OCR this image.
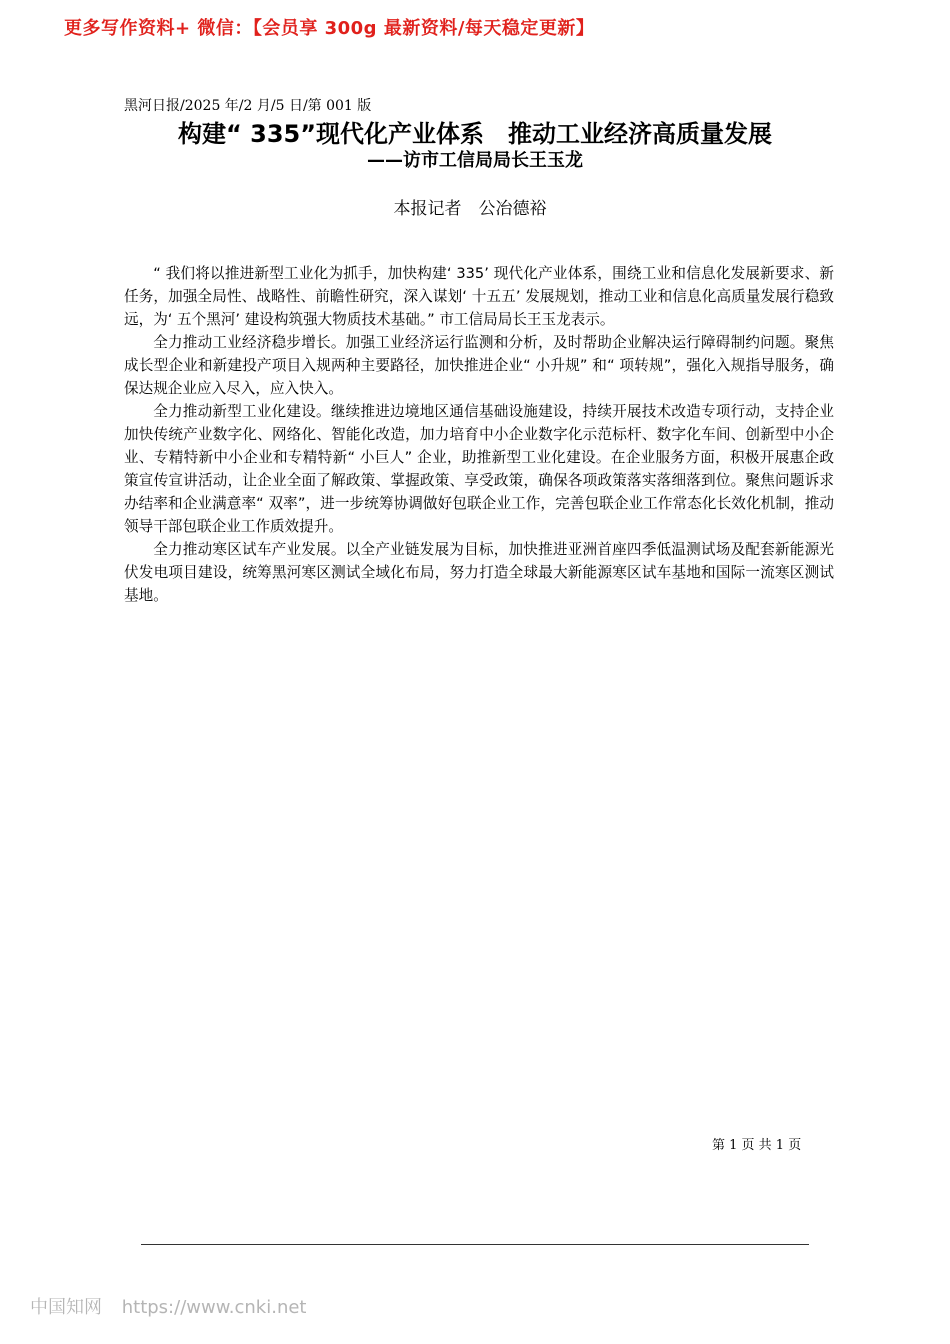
更多写作资料+ 微信：【会员享 300g 最新资料/每天稳定更新】
黑河日报/2025 年/2 月/5 日/第 001 版
构建“ 335”现代化产业体系　推动工业经济高质量发展
——访市工信局局长王玉龙
本报记者　公冶德裕

“ 我们将以推进新型工业化为抓手，加快构建‘ 335’ 现代化产业体系，围绕工业和信息化发展新要求、新任务，加强全局性、战略性、前瞻性研究，深入谋划‘ 十五五’ 发展规划，推动工业和信息化高质量发展行稳致远，为‘ 五个黑河’ 建设构筑强大物质技术基础。” 市工信局局长王玉龙表示。

全力推动工业经济稳步增长。加强工业经济运行监测和分析，及时帮助企业解决运行障碍制约问题。聚焦成长型企业和新建投产项目入规两种主要路径，加快推进企业“ 小升规” 和“ 项转规”，强化入规指导服务，确保达规企业应入尽入，应入快入。

全力推动新型工业化建设。继续推进边境地区通信基础设施建设，持续开展技术改造专项行动，支持企业加快传统产业数字化、网络化、智能化改造，加力培育中小企业数字化示范标杆、数字化车间、创新型中小企业、专精特新中小企业和专精特新“ 小巨人” 企业，助推新型工业化建设。在企业服务方面，积极开展惠企政策宣传宣讲活动，让企业全面了解政策、掌握政策、享受政策，确保各项政策落实落细落到位。聚焦问题诉求办结率和企业满意率“ 双率”，进一步统筹协调做好包联企业工作，完善包联企业工作常态化长效化机制，推动领导干部包联企业工作质效提升。

全力推动寒区试车产业发展。以全产业链发展为目标，加快推进亚洲首座四季低温测试场及配套新能源光伏发电项目建设，统筹黑河寒区测试全域化布局，努力打造全球最大新能源寒区试车基地和国际一流寒区测试基地。

第 1 页 共 1 页
中国知网 https://www.cnki.net
